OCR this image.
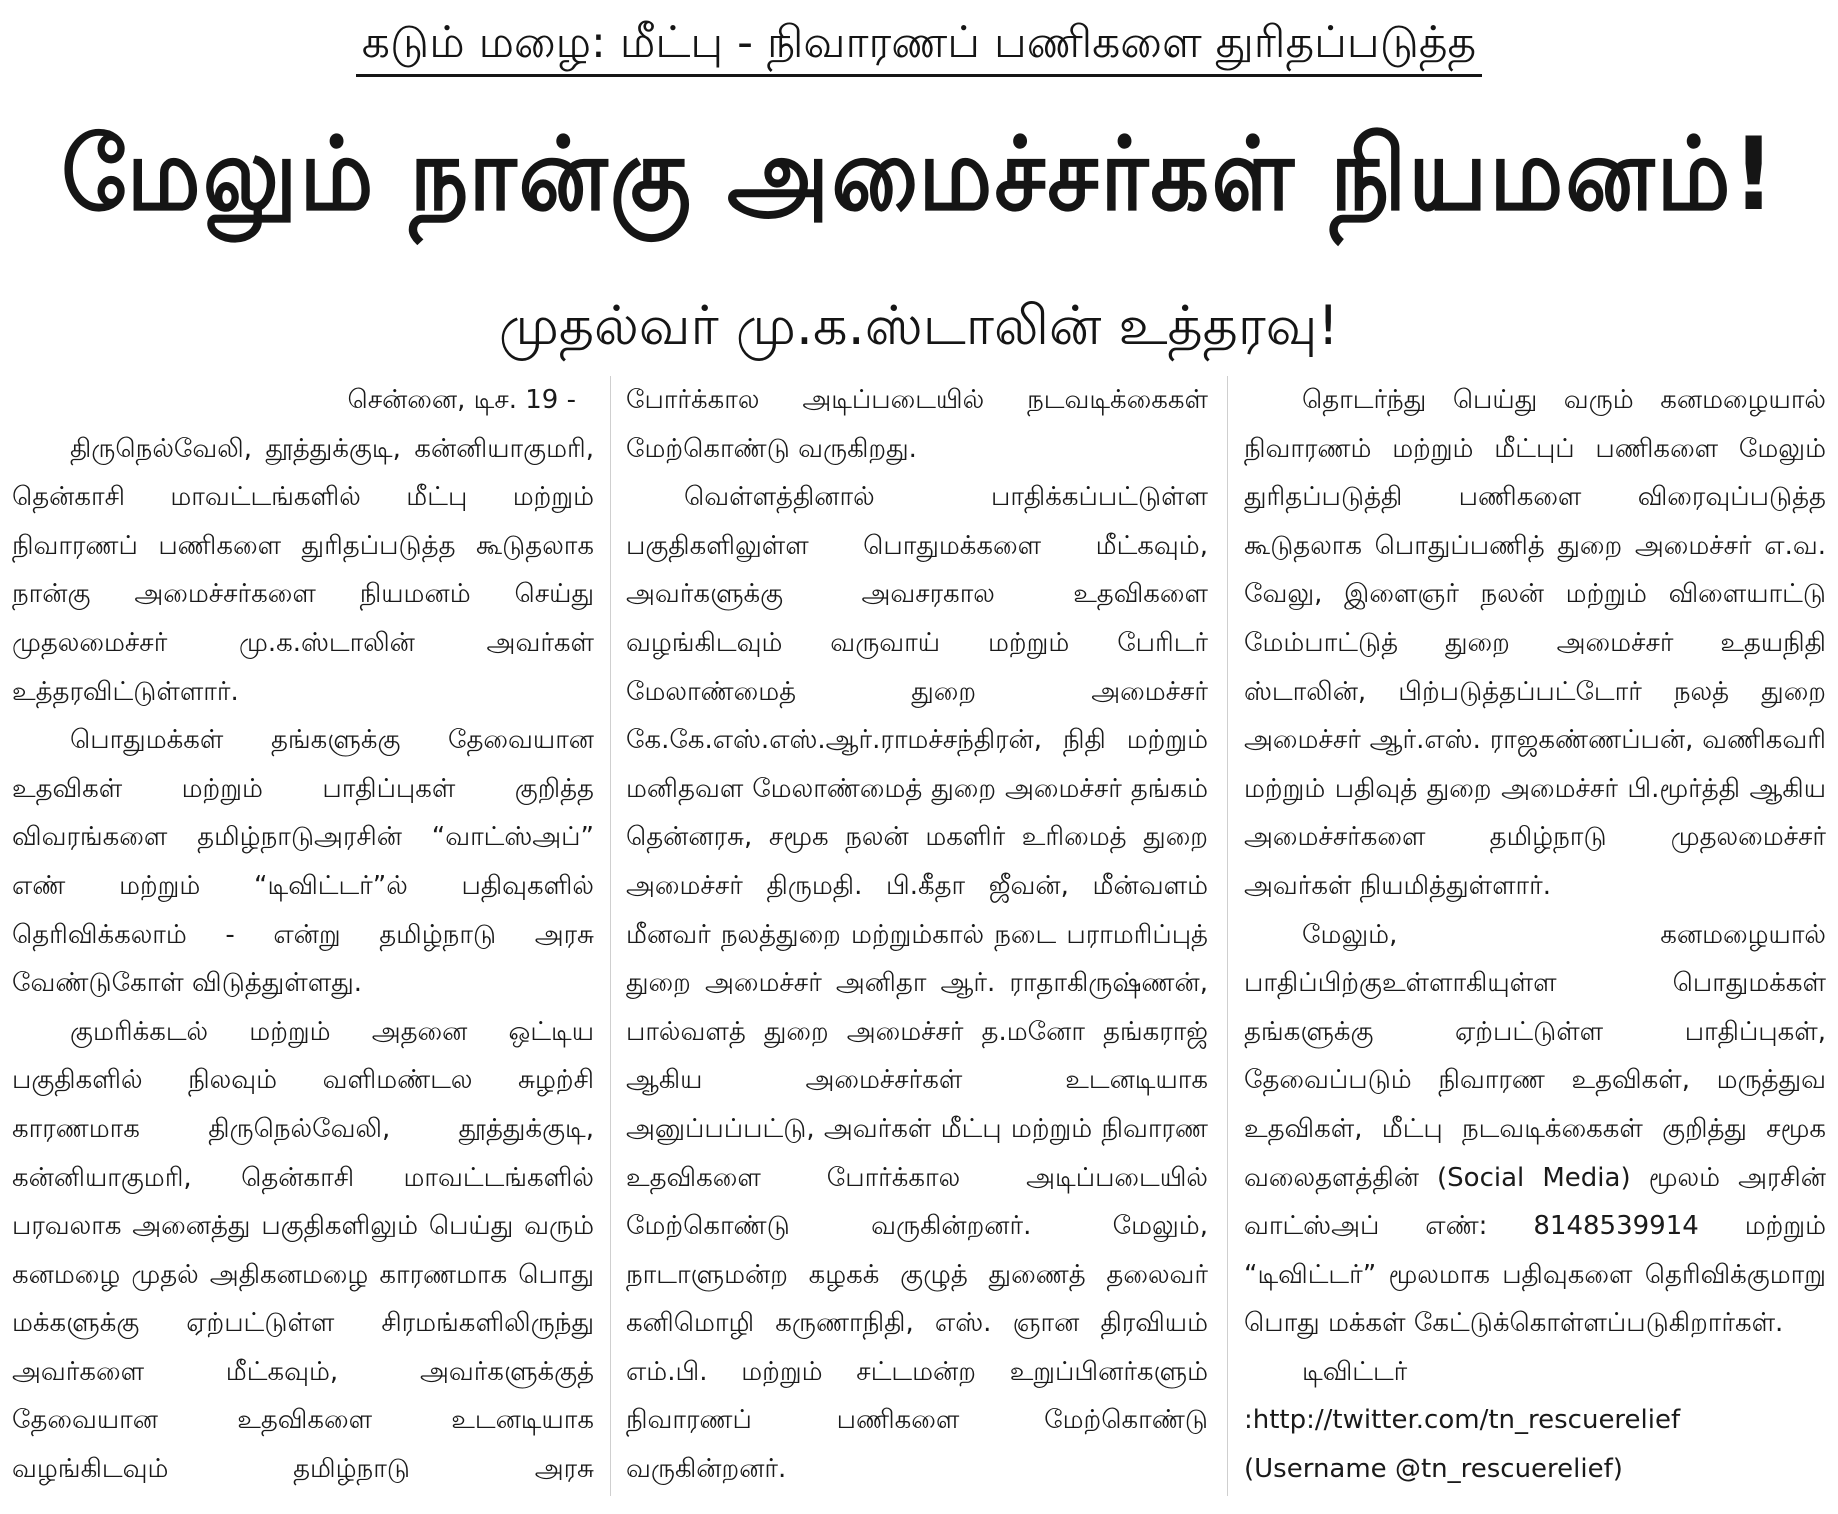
கடும் மழை: மீட்பு - நிவாரணப் பணிகளை துரிதப்படுத்த
மேலும் நான்கு அமைச்சர்கள் நியமனம்!
முதல்வர் மு.க.ஸ்டாலின் உத்தரவு!

சென்னை, டிச. 19 -

திருநெல்வேலி, தூத்துக்குடி, கன்னியாகுமரி, தென்காசி மாவட்டங்களில் மீட்பு மற்றும் நிவாரணப் பணிகளை துரிதப்படுத்த கூடுதலாக நான்கு அமைச்சர்களை நியமனம் செய்து முதலமைச்சர் மு.க.ஸ்டாலின் அவர்கள் உத்தரவிட்டுள்ளார்.

பொதுமக்கள் தங்களுக்கு தேவையான உதவிகள் மற்றும் பாதிப்புகள் குறித்த விவரங்களை தமிழ்நாடுஅரசின் “வாட்ஸ்அப்” எண் மற்றும் “டிவிட்டர்”ல் பதிவுகளில் தெரிவிக்கலாம் - என்று தமிழ்நாடு அரசு வேண்டுகோள் விடுத்துள்ளது.

குமரிக்கடல் மற்றும் அதனை ஒட்டிய பகுதிகளில் நிலவும் வளிமண்டல சுழற்சி காரணமாக திருநெல்வேலி, தூத்துக்குடி, கன்னியாகுமரி, தென்காசி மாவட்டங்களில் பரவலாக அனைத்து பகுதிகளிலும் பெய்து வரும் கனமழை முதல் அதிகனமழை காரணமாக பொது மக்களுக்கு ஏற்பட்டுள்ள சிரமங்களிலிருந்து அவர்களை மீட்கவும், அவர்களுக்குத் தேவையான உதவிகளை உடனடியாக வழங்கிடவும் தமிழ்நாடு அரசு

போர்க்கால அடிப்படையில் நடவடிக்கைகள் மேற்கொண்டு வருகிறது.

வெள்ளத்தினால் பாதிக்கப்பட்டுள்ள பகுதிகளிலுள்ள பொதுமக்களை மீட்கவும், அவர்களுக்கு அவசரகால உதவிகளை வழங்கிடவும் வருவாய் மற்றும் பேரிடர் மேலாண்மைத் துறை அமைச்சர் கே.கே.எஸ்.எஸ்.ஆர்.ராமச்சந்திரன், நிதி மற்றும் மனிதவள மேலாண்மைத் துறை அமைச்சர் தங்கம் தென்னரசு, சமூக நலன் மகளிர் உரிமைத் துறை அமைச்சர் திருமதி. பி.கீதா ஜீவன், மீன்வளம் மீனவர் நலத்துறை மற்றும்கால் நடை பராமரிப்புத் துறை அமைச்சர் அனிதா ஆர். ராதாகிருஷ்ணன், பால்வளத் துறை அமைச்சர் த.மனோ தங்கராஜ் ஆகிய அமைச்சர்கள் உடனடியாக அனுப்பப்பட்டு, அவர்கள் மீட்பு மற்றும் நிவாரண உதவிகளை போர்க்கால அடிப்படையில் மேற்கொண்டு வருகின்றனர். மேலும், நாடாளுமன்ற கழகக் குழுத் துணைத் தலைவர் கனிமொழி கருணாநிதி, எஸ். ஞான திரவியம் எம்.பி. மற்றும் சட்டமன்ற உறுப்பினர்களும் நிவாரணப் பணிகளை மேற்கொண்டு வருகின்றனர்.

தொடர்ந்து பெய்து வரும் கனமழையால் நிவாரணம் மற்றும் மீட்புப் பணிகளை மேலும் துரிதப்படுத்தி பணிகளை விரைவுப்படுத்த கூடுதலாக பொதுப்பணித் துறை அமைச்சர் எ.வ. வேலு, இளைஞர் நலன் மற்றும் விளையாட்டு மேம்பாட்டுத் துறை அமைச்சர் உதயநிதி ஸ்டாலின், பிற்படுத்தப்பட்டோர் நலத் துறை அமைச்சர் ஆர்.எஸ். ராஜகண்ணப்பன், வணிகவரி மற்றும் பதிவுத் துறை அமைச்சர் பி.மூர்த்தி ஆகிய அமைச்சர்களை தமிழ்நாடு முதலமைச்சர் அவர்கள் நியமித்துள்ளார்.

மேலும், கனமழையால் பாதிப்பிற்குஉள்ளாகியுள்ள பொதுமக்கள் தங்களுக்கு ஏற்பட்டுள்ள பாதிப்புகள், தேவைப்படும் நிவாரண உதவிகள், மருத்துவ உதவிகள், மீட்பு நடவடிக்கைகள் குறித்து சமூக வலைதளத்தின் (Social Media) மூலம் அரசின் வாட்ஸ்அப் எண்: 8148539914 மற்றும் “டிவிட்டர்” மூலமாக பதிவுகளை தெரிவிக்குமாறு பொது மக்கள் கேட்டுக்கொள்ளப்படுகிறார்கள்.

டிவிட்டர் :http://twitter.com/tn_rescuerelief (Username @tn_rescuerelief)
